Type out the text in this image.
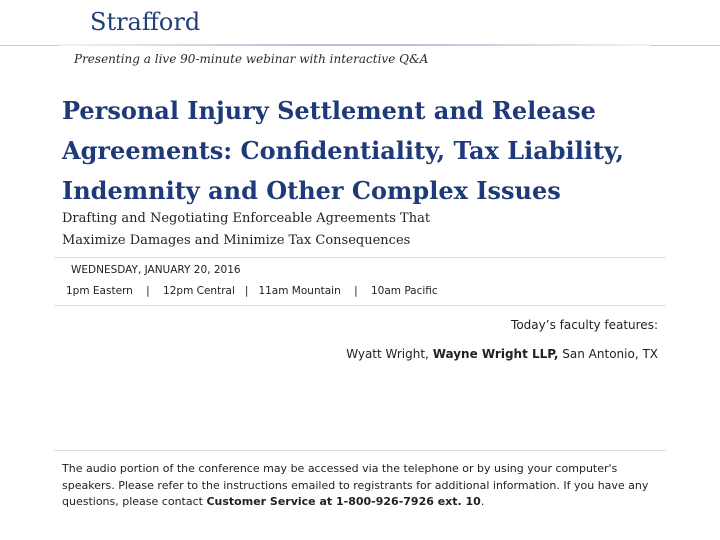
Strafford
Presenting a live 90-minute webinar with interactive Q&A
Personal Injury Settlement and Release
Agreements: Confidentiality, Tax Liability,
Indemnity and Other Complex Issues
Drafting and Negotiating Enforceable Agreements That
Maximize Damages and Minimize Tax Consequences
WEDNESDAY, JANUARY 20, 2016
1pm Eastern    |    12pm Central   |   11am Mountain    |    10am Pacific
Today’s faculty features:
Wyatt Wright, Wayne Wright LLP, San Antonio, TX
The audio portion of the conference may be accessed via the telephone or by using your computer's speakers. Please refer to the instructions emailed to registrants for additional information. If you have any questions, please contact Customer Service at 1-800-926-7926 ext. 10.
